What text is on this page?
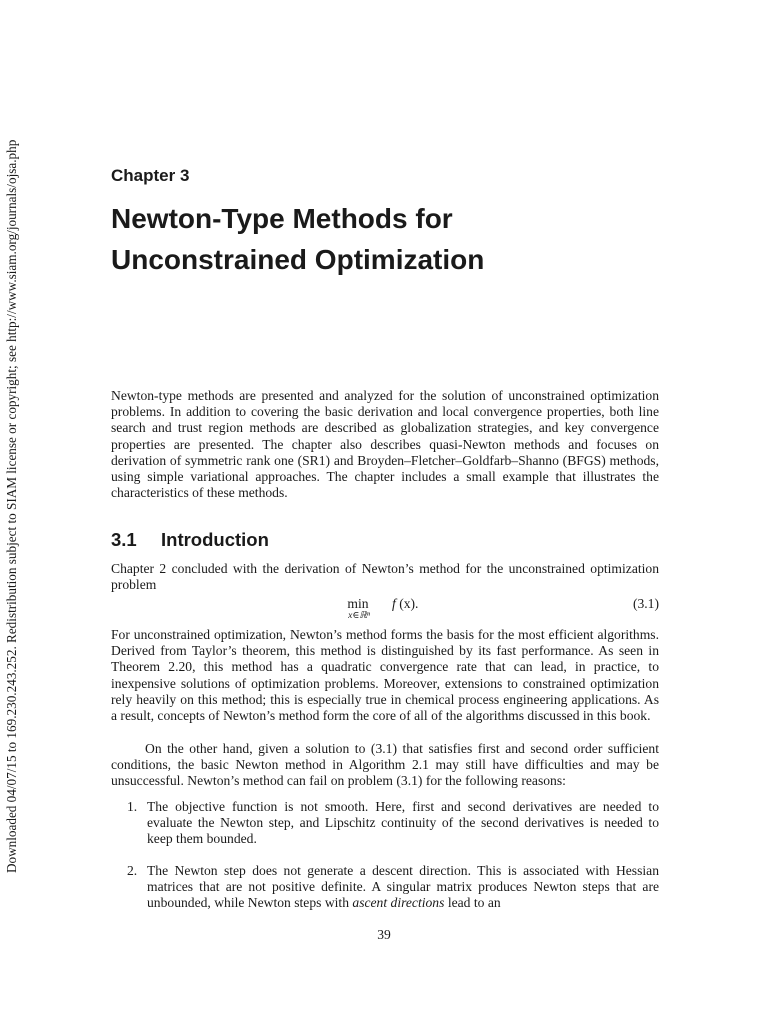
Downloaded 04/07/15 to 169.230.243.252. Redistribution subject to SIAM license or copyright; see http://www.siam.org/journals/ojsa.php	Chapter 3
Newton-Type Methods for
Unconstrained Optimization

Newton-type methods are presented and analyzed for the solution of unconstrained optimization problems. In addition to covering the basic derivation and local convergence properties, both line search and trust region methods are described as globalization strategies, and key convergence properties are presented. The chapter also describes quasi-Newton methods and focuses on derivation of symmetric rank one (SR1) and Broyden–Fletcher–Goldfarb–Shanno (BFGS) methods, using simple variational approaches. The chapter includes a small example that illustrates the characteristics of these methods.

3.1 Introduction

Chapter 2 concluded with the derivation of Newton’s method for the unconstrained optimization problem

min
x∈ℝⁿ
f (x).	(3.1)

For unconstrained optimization, Newton’s method forms the basis for the most efficient algorithms. Derived from Taylor’s theorem, this method is distinguished by its fast performance. As seen in Theorem 2.20, this method has a quadratic convergence rate that can lead, in practice, to inexpensive solutions of optimization problems. Moreover, extensions to constrained optimization rely heavily on this method; this is especially true in chemical process engineering applications. As a result, concepts of Newton’s method form the core of all of the algorithms discussed in this book.

On the other hand, given a solution to (3.1) that satisfies first and second order sufficient conditions, the basic Newton method in Algorithm 2.1 may still have difficulties and may be unsuccessful. Newton’s method can fail on problem (3.1) for the following reasons:

1. The objective function is not smooth. Here, first and second derivatives are needed to evaluate the Newton step, and Lipschitz continuity of the second derivatives is needed to keep them bounded.
2. The Newton step does not generate a descent direction. This is associated with Hessian matrices that are not positive definite. A singular matrix produces Newton steps that are unbounded, while Newton steps with ascent directions lead to an
39
